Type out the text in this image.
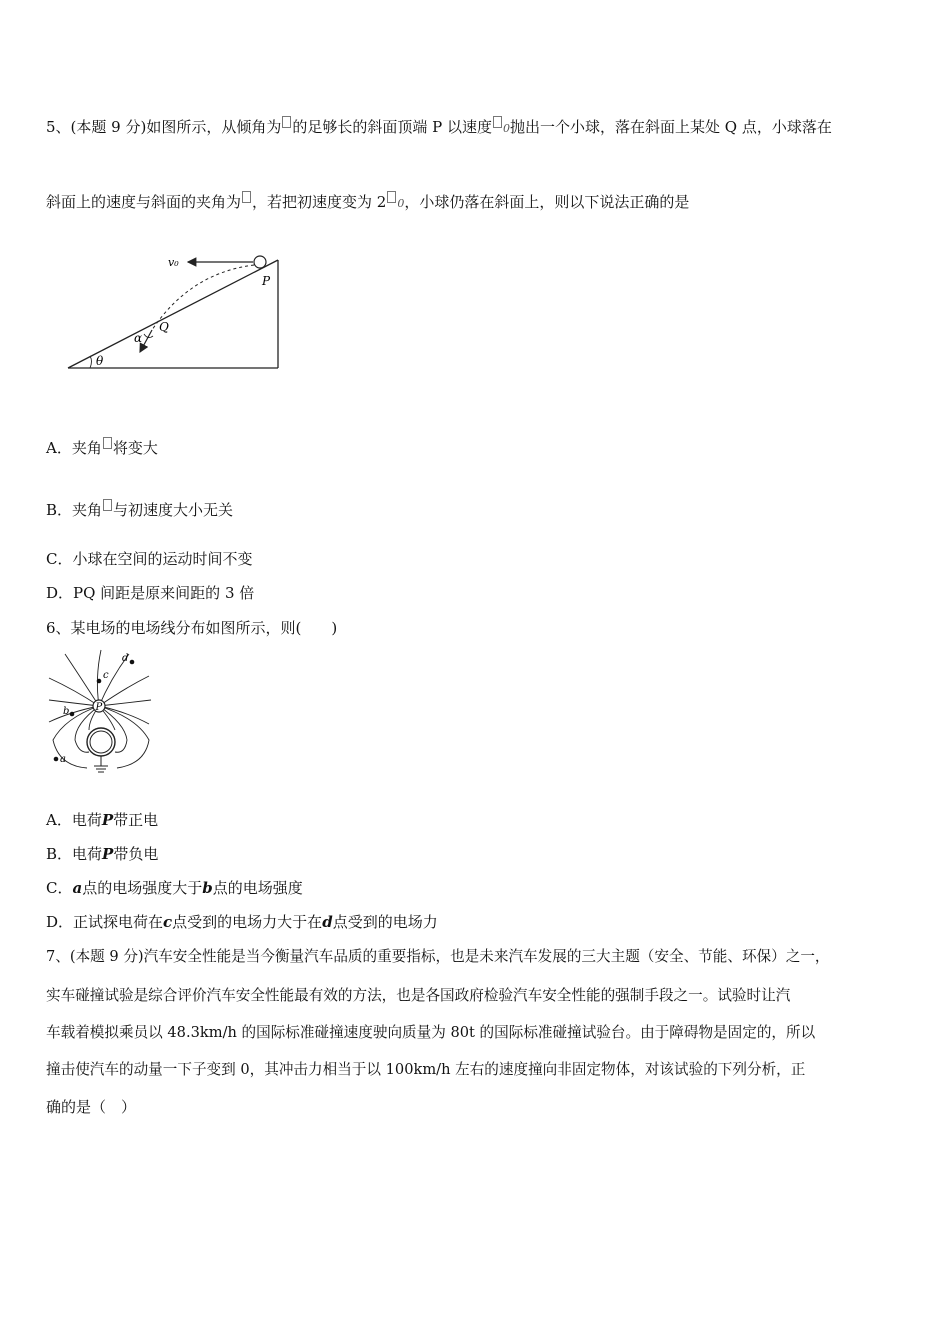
5、(本题 9 分)如图所示，从倾角为 的足够长的斜面顶端 P 以速度 0抛出一个小球，落在斜面上某处 Q 点，小球落在
斜面上的速度与斜面的夹角为 ，若把初速度变为 2 0，小球仍落在斜面上，则以下说法正确的是
v₀
P
Q
α
θ
A．夹角 将变大
B．夹角 与初速度大小无关
C．小球在空间的运动时间不变
D．PQ 间距是原来间距的 3 倍
6、某电场的电场线分布如图所示，则(　　)
P
a
b
c
d
A．电荷P带正电
B．电荷P带负电
C．a点的电场强度大于b点的电场强度
D．正试探电荷在c点受到的电场力大于在d点受到的电场力
7、(本题 9 分)汽车安全性能是当今衡量汽车品质的重要指标，也是未来汽车发展的三大主题（安全、节能、环保）之一，
实车碰撞试验是综合评价汽车安全性能最有效的方法，也是各国政府检验汽车安全性能的强制手段之一。试验时让汽
车载着模拟乘员以 48.3km/h 的国际标准碰撞速度驶向质量为 80t 的国际标准碰撞试验台。由于障碍物是固定的，所以
撞击使汽车的动量一下子变到 0，其冲击力相当于以 100km/h 左右的速度撞向非固定物体，对该试验的下列分析，正
确的是（　）
